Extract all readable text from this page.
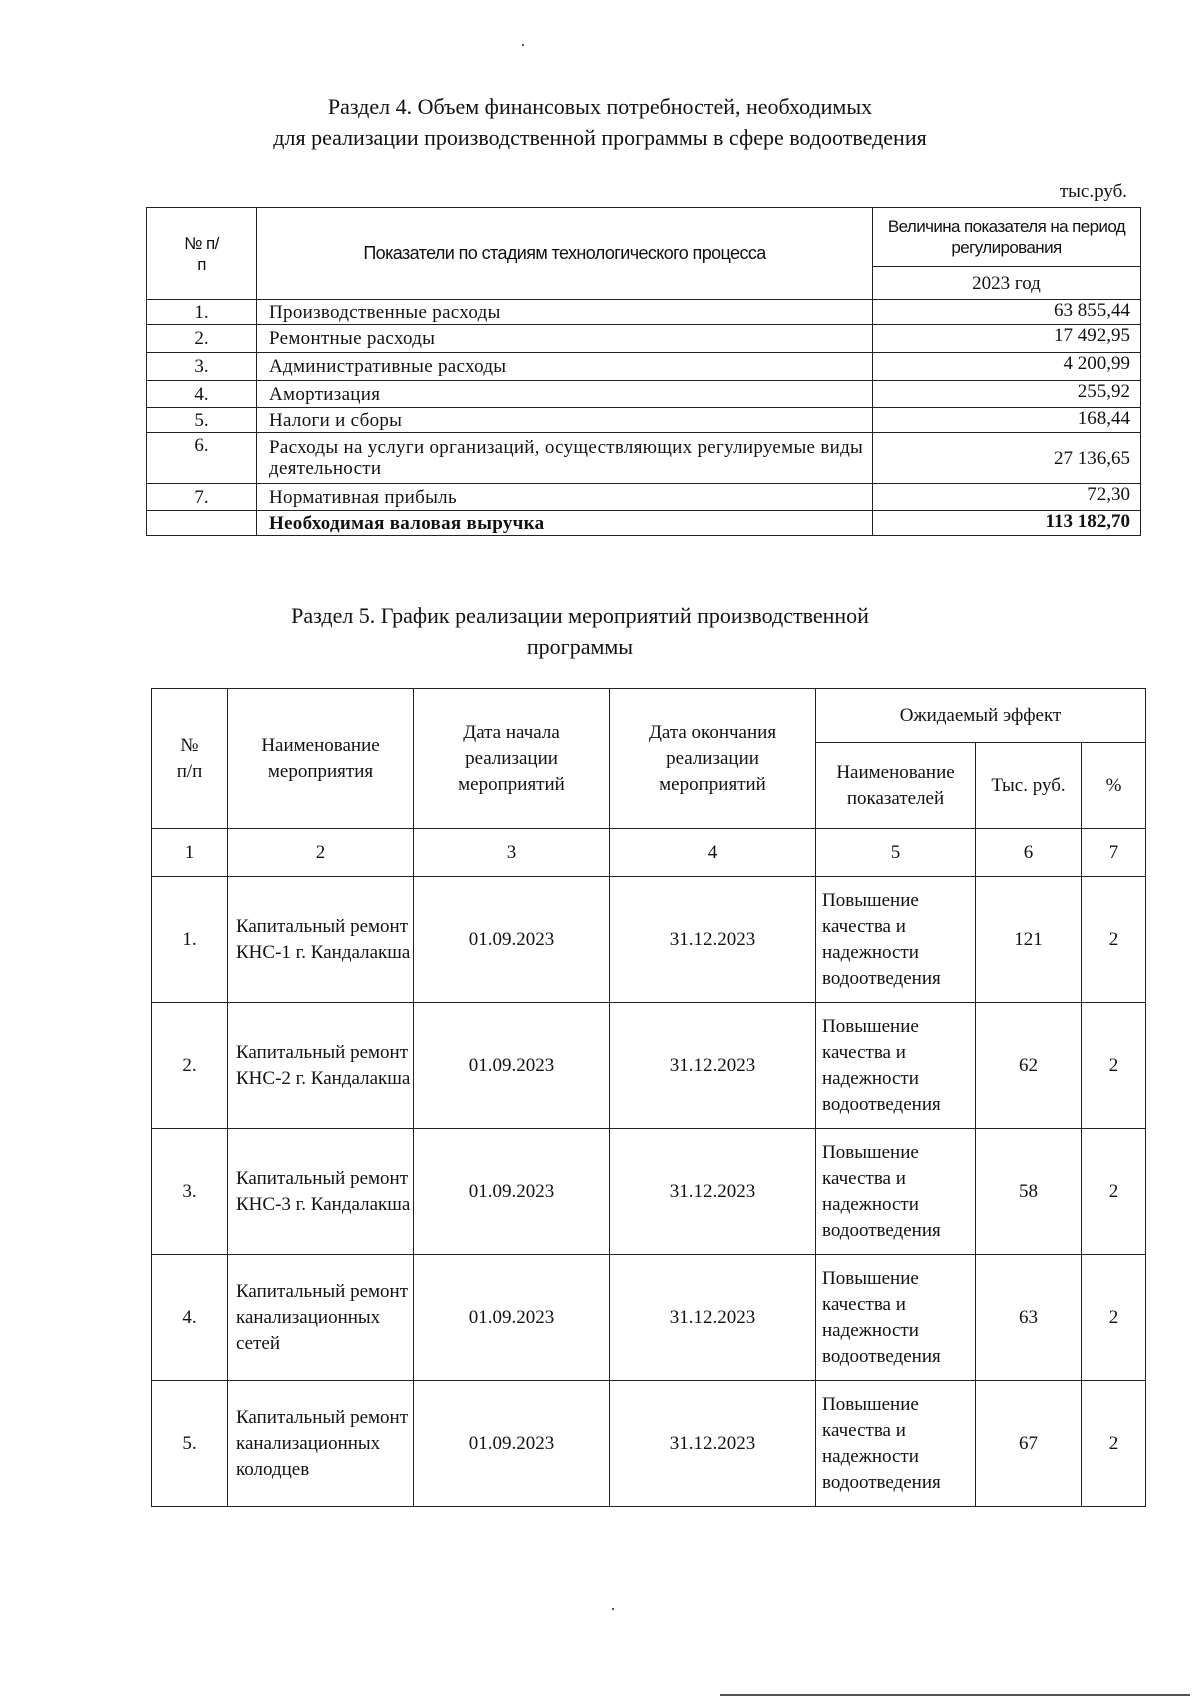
Раздел 4. Объем финансовых потребностей, необходимых
для реализации производственной программы в сфере водоотведения
тыс.руб.
№ п/п	Показатели по стадиям технологического процесса	Величина показателя на период регулирования
		2023 год
1.	Производственные расходы	63 855,44
2.	Ремонтные расходы	17 492,95
3.	Административные расходы	4 200,99
4.	Амортизация	255,92
5.	Налоги и сборы	168,44
6.	Расходы на услуги организаций, осуществляющих регулируемые виды деятельности	27 136,65
7.	Нормативная прибыль	72,30
	Необходимая валовая выручка	113 182,70
Раздел 5. График реализации мероприятий производственной
программы
№ п/п	Наименование мероприятия	Дата начала реализации мероприятий	Дата окончания реализации мероприятий	Ожидаемый эффект		

				Наименование показателей	Тыс. руб.	%
1	2	3	4	5	6	7
1.	Капитальный ремонт КНС-1 г. Кандалакша	01.09.2023	31.12.2023	Повышение качества и надежности водоотведения	121	2
2.	Капитальный ремонт КНС-2 г. Кандалакша	01.09.2023	31.12.2023	Повышение качества и надежности водоотведения	62	2
3.	Капитальный ремонт КНС-3 г. Кандалакша	01.09.2023	31.12.2023	Повышение качества и надежности водоотведения	58	2
4.	Капитальный ремонт канализационных сетей	01.09.2023	31.12.2023	Повышение качества и надежности водоотведения	63	2
5.	Капитальный ремонт канализационных колодцев	01.09.2023	31.12.2023	Повышение качества и надежности водоотведения	67	2
